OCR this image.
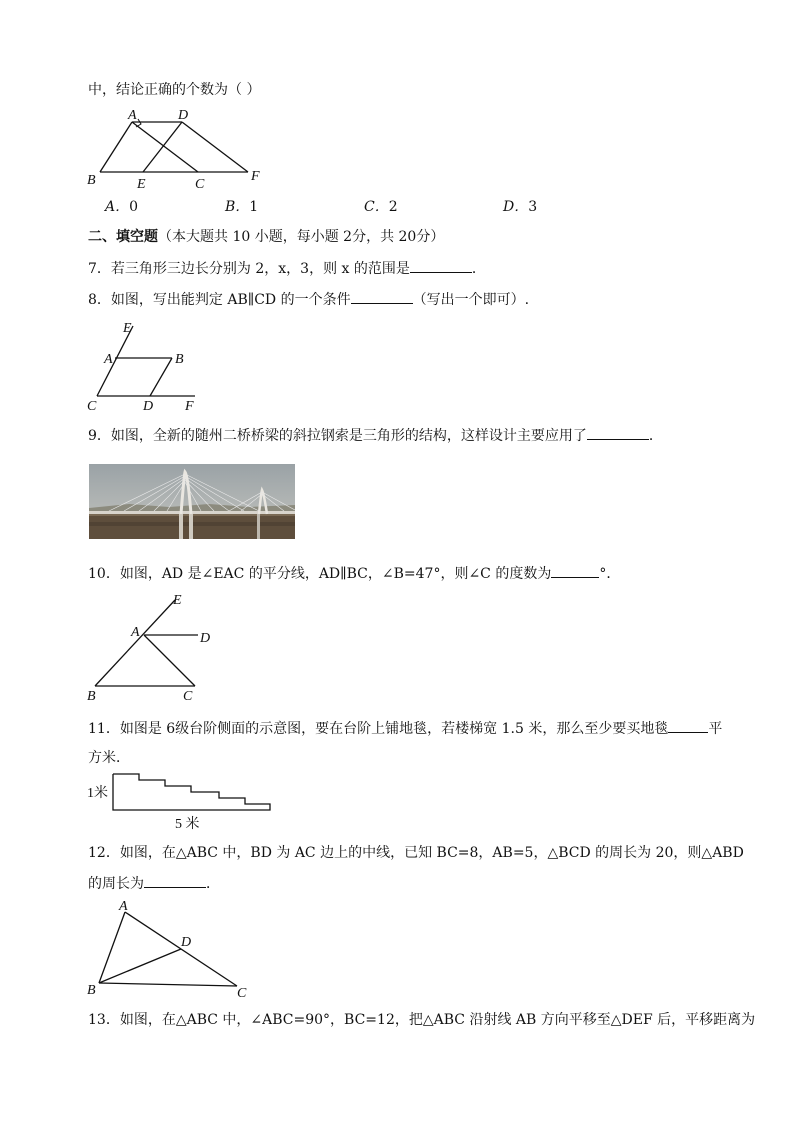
中，结论正确的个数为（ ）
A	D
B	E	C
F
A．0	B．1	C．2	D．3
二、填空题（本大题共 10 小题，每小题 2分，共 20分）
7．若三角形三边长分别为 2，x，3，则 x 的范围是	．
8．如图，写出能判定 AB∥CD 的一个条件	（写出一个即可）.
E
A	B
C	D F
9．如图，全新的随州二桥桥梁的斜拉钢索是三角形的结构，这样设计主要应用了	．
10．如图，AD 是∠EAC 的平分线，AD∥BC，∠B=47°，则∠C 的度数为	°．
E
A	D
B	C
11．如图是 6级台阶侧面的示意图，要在台阶上铺地毯，若楼梯宽 1.5 米，那么至少要买地毯	平
方米．
1米
5 米
12．如图，在△ABC 中，BD 为 AC 边上的中线，已知 BC=8，AB=5，△BCD 的周长为 20，则△ABD
的周长为	．
A
D
B	C
13．如图，在△ABC 中，∠ABC=90°，BC=12，把△ABC 沿射线 AB 方向平移至△DEF 后，平移距离为
